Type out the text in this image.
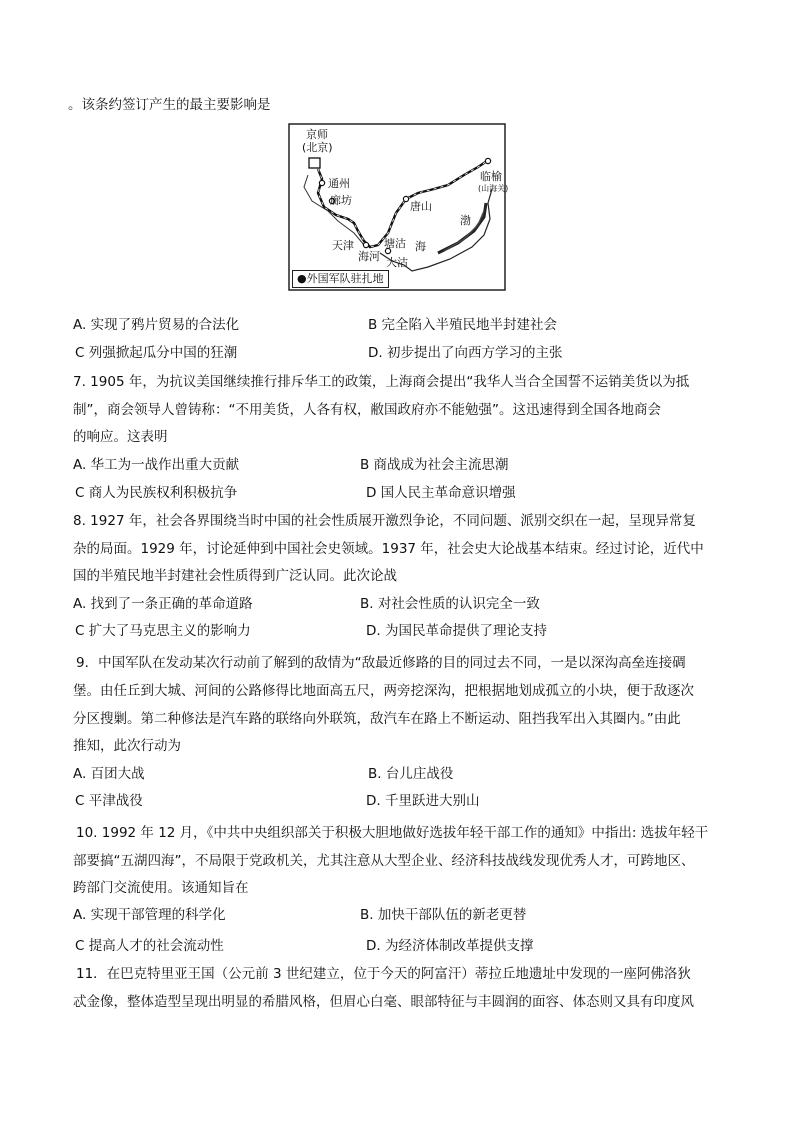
。该条约签订产生的最主要影响是
京师
(北京)
通州
廊坊	唐山
临榆
(山海关)
天津
海河
塘沽 海
大沽
渤
●外国军队驻扎地
A. 实现了鸦片贸易的合法化	B 完全陷入半殖民地半封建社会
C 列强掀起瓜分中国的狂潮	D. 初步提出了向西方学习的主张
7. 1905 年，为抗议美国继续推行排斥华工的政策，上海商会提出“我华人当合全国誓不运销美货以为抵
制”，商会领导人曾铸称：“不用美货，人各有权，敝国政府亦不能勉强”。这迅速得到全国各地商会
的响应。这表明
A. 华工为一战作出重大贡献	B 商战成为社会主流思潮
C 商人为民族权利积极抗争	D 国人民主革命意识增强
8. 1927 年，社会各界围绕当时中国的社会性质展开激烈争论，不同问题、派别交织在一起，呈现异常复
杂的局面。1929 年，讨论延伸到中国社会史领域。1937 年，社会史大论战基本结束。经过讨论，近代中
国的半殖民地半封建社会性质得到广泛认同。此次论战
A. 找到了一条正确的革命道路	B. 对社会性质的认识完全一致
C 扩大了马克思主义的影响力	D. 为国民革命提供了理论支持
9．中国军队在发动某次行动前了解到的敌情为“敌最近修路的目的同过去不同，一是以深沟高垒连接碉
堡。由任丘到大城、河间的公路修得比地面高五尺，两旁挖深沟，把根据地划成孤立的小块，便于敌逐次
分区搜剿。第二种修法是汽车路的联络向外联筑，敌汽车在路上不断运动、阻挡我军出入其圈内。”由此
推知，此次行动为
A. 百团大战	B. 台儿庄战役
C 平津战役	D. 千里跃进大别山
10. 1992 年 12 月，《中共中央组织部关于积极大胆地做好选拔年轻干部工作的通知》中指出: 选拔年轻干
部要搞“五湖四海”，不局限于党政机关，尤其注意从大型企业、经济科技战线发现优秀人才，可跨地区、
跨部门交流使用。该通知旨在
A. 实现干部管理的科学化	B. 加快干部队伍的新老更替
C 提高人才的社会流动性	D. 为经济体制改革提供支撑
11．在巴克特里亚王国（公元前 3 世纪建立，位于今天的阿富汗）蒂拉丘地遗址中发现的一座阿佛洛狄
忒金像，整体造型呈现出明显的希腊风格，但眉心白毫、眼部特征与丰圆润的面容、体态则又具有印度风
